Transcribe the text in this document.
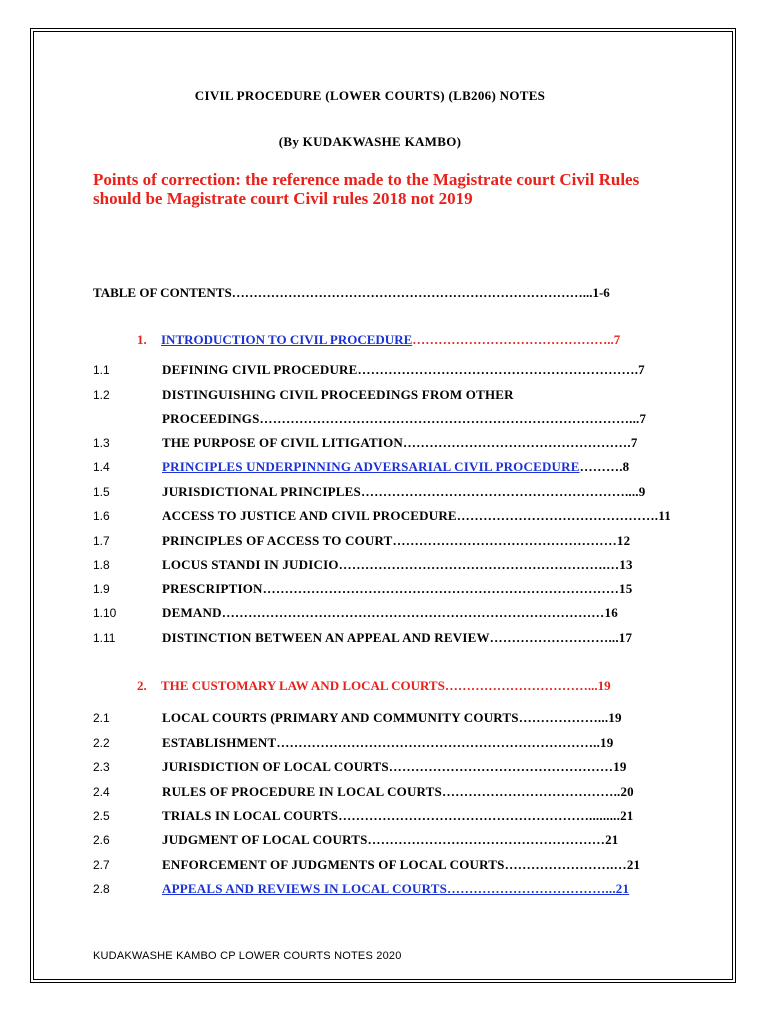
CIVIL PROCEDURE (LOWER COURTS) (LB206) NOTES
(By KUDAKWASHE KAMBO)
Points of correction: the reference made to the Magistrate court Civil Rules
should be Magistrate court Civil rules 2018 not 2019
TABLE OF CONTENTS………………………………………………………………………...1-6
1. INTRODUCTION TO CIVIL PROCEDURE………………………………………..7
1.1	DEFINING CIVIL PROCEDURE……………………………………………………….7
1.2	DISTINGUISHING CIVIL PROCEEDINGS FROM OTHER
PROCEEDINGS…………………………………………………………………………...7
1.3	THE PURPOSE OF CIVIL LITIGATION…………………………………………….7
1.4	PRINCIPLES UNDERPINNING ADVERSARIAL CIVIL PROCEDURE……….8
1.5	JURISDICTIONAL PRINCIPLES……………………………………………………....9
1.6	ACCESS TO JUSTICE AND CIVIL PROCEDURE……………………………………….11
1.7	PRINCIPLES OF ACCESS TO COURT……………………………………………12
1.8	LOCUS STANDI IN JUDICIO…………………………………………………….…13
1.9	PRESCRIPTION………………………………………………………………………15
1.10	DEMAND……………………………………………………………………………16
1.11	DISTINCTION BETWEEN AN APPEAL AND REVIEW………………………...17
2. THE CUSTOMARY LAW AND LOCAL COURTS……………………………...19
2.1	LOCAL COURTS (PRIMARY AND COMMUNITY COURTS………………...19
2.2	ESTABLISHMENT………………………………………………………………..19
2.3	JURISDICTION OF LOCAL COURTS……………………………………………19
2.4	RULES OF PROCEDURE IN LOCAL COURTS…………………………………..20
2.5	TRIALS IN LOCAL COURTS………………………………………………….........21
2.6	JUDGMENT OF LOCAL COURTS………………………………………………21
2.7	ENFORCEMENT OF JUDGMENTS OF LOCAL COURTS…………………….…21
2.8	APPEALS AND REVIEWS IN LOCAL COURTS………………………………...21
KUDAKWASHE KAMBO CP LOWER COURTS NOTES 2020
